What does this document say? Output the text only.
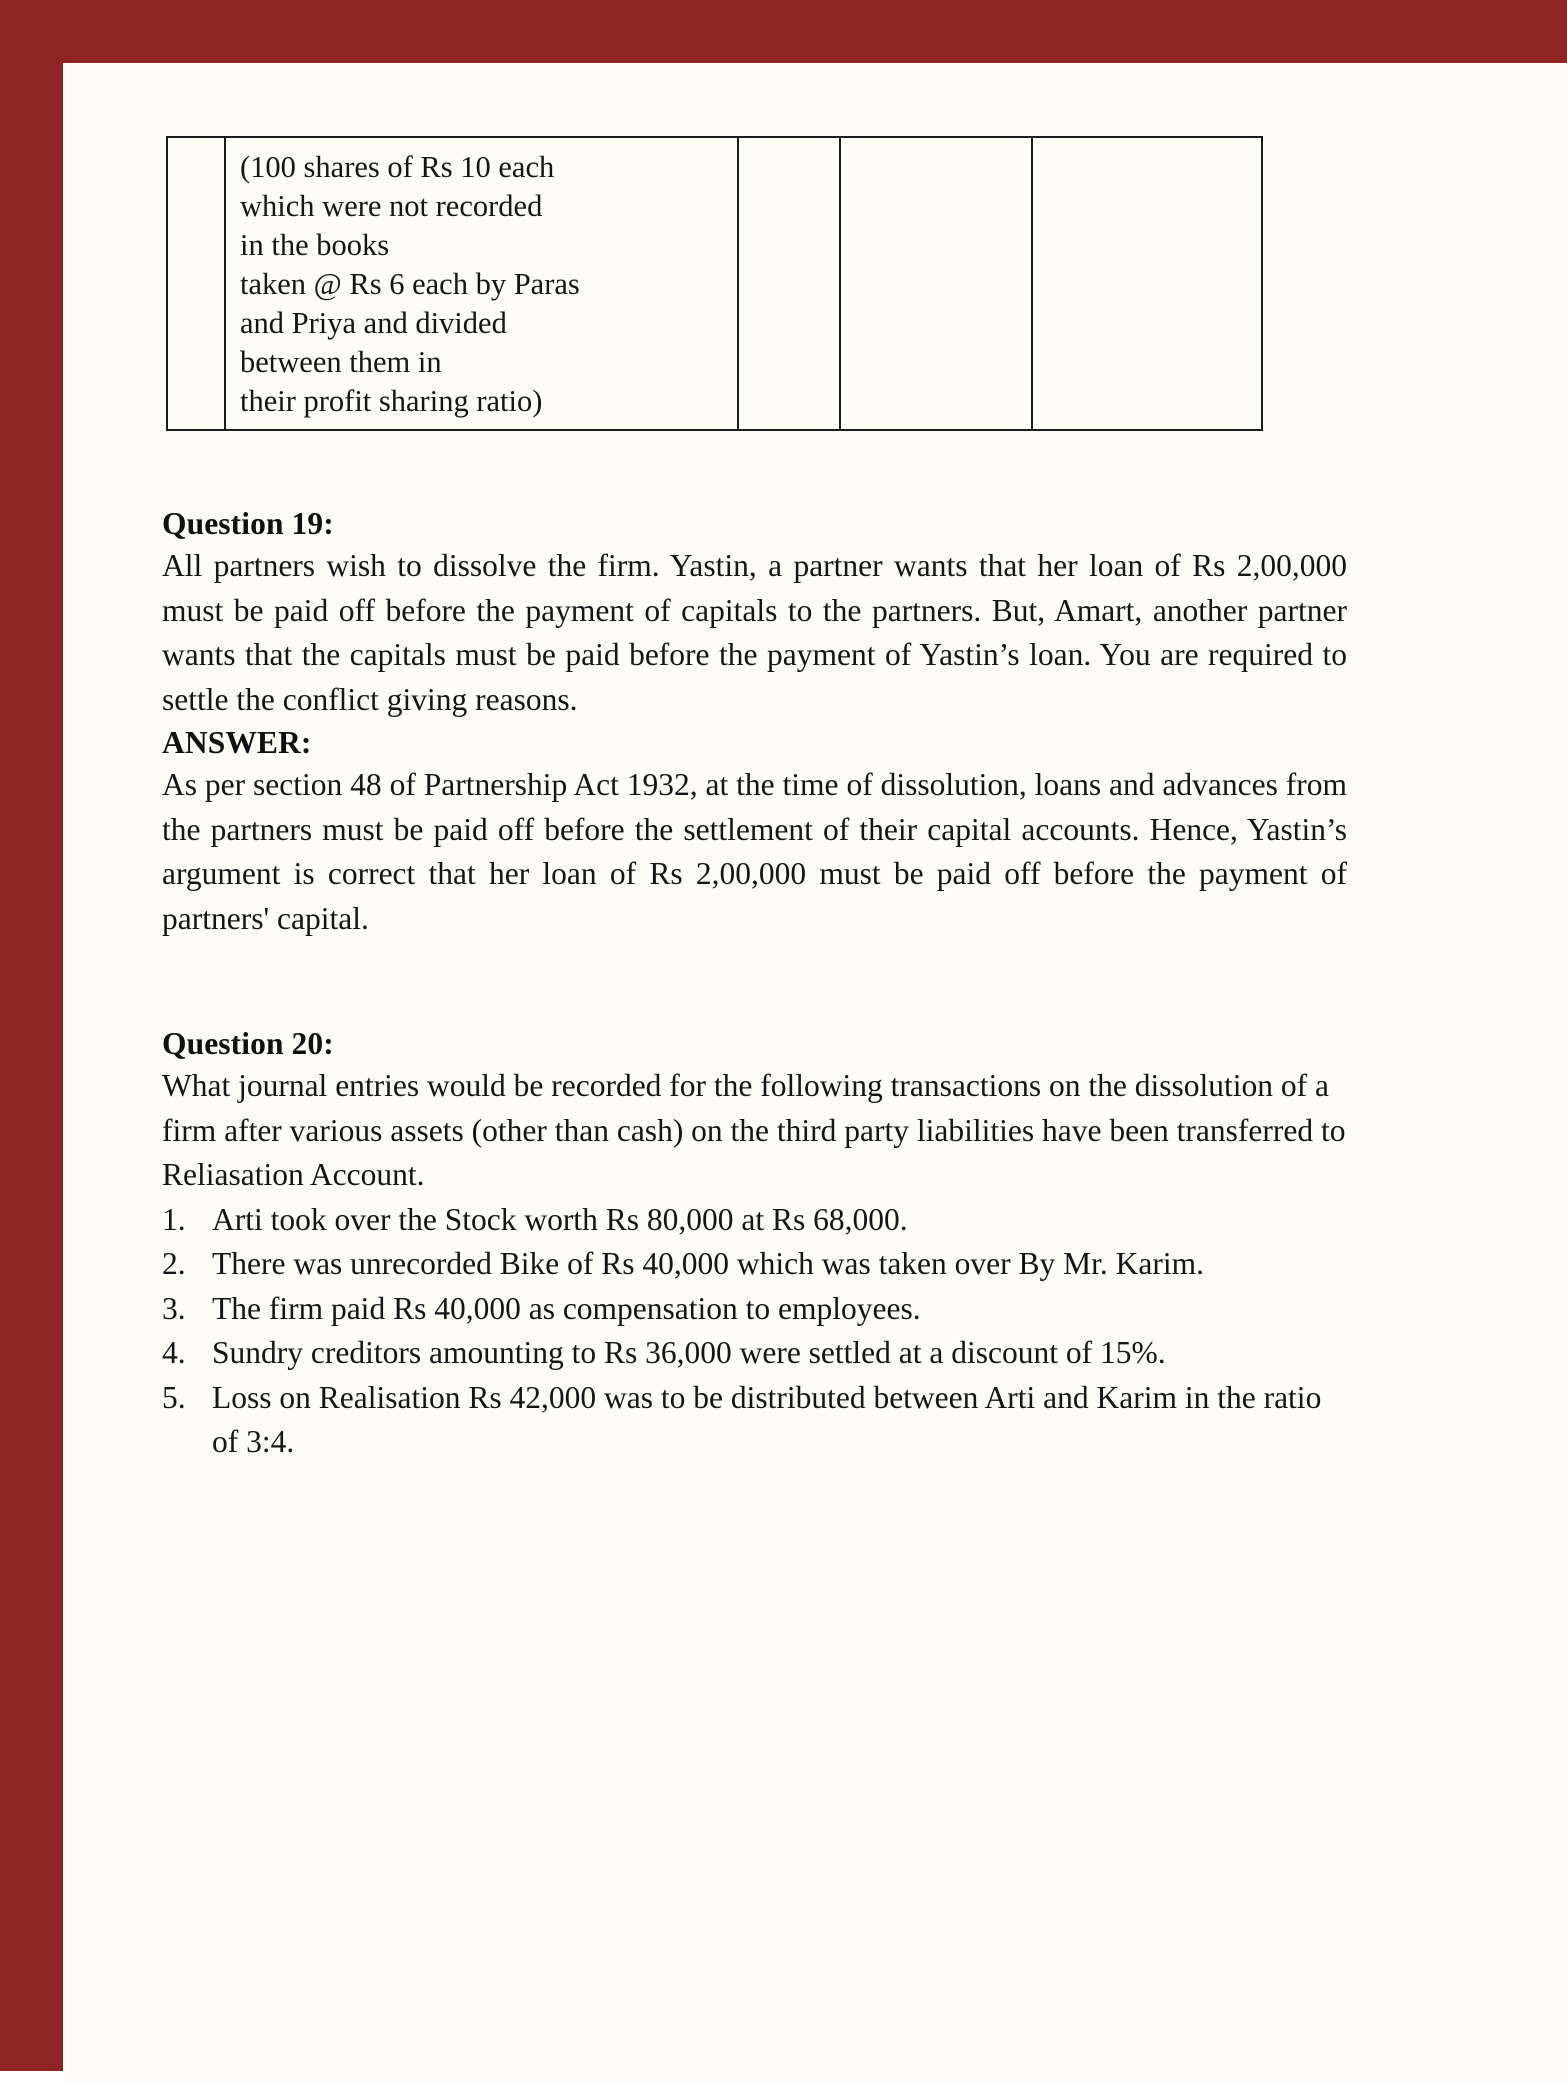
(100 shares of Rs 10 each
which were not recorded
in the books
taken @ Rs 6 each by Paras
and Priya and divided
between them in
their profit sharing ratio)

Question 19:

All partners wish to dissolve the firm. Yastin, a partner wants that her loan of Rs 2,00,000 must be paid off before the payment of capitals to the partners. But, Amart, another partner wants that the capitals must be paid before the payment of Yastin’s loan. You are required to settle the conflict giving reasons.

ANSWER:

As per section 48 of Partnership Act 1932, at the time of dissolution, loans and advances from the partners must be paid off before the settlement of their capital accounts. Hence, Yastin’s argument is correct that her loan of Rs 2,00,000 must be paid off before the payment of partners' capital.

Question 20:

What journal entries would be recorded for the following transactions on the dissolution of a firm after various assets (other than cash) on the third party liabilities have been transferred to Reliasation Account.

1. Arti took over the Stock worth Rs 80,000 at Rs 68,000.
2. There was unrecorded Bike of Rs 40,000 which was taken over By Mr. Karim.
3. The firm paid Rs 40,000 as compensation to employees.
4. Sundry creditors amounting to Rs 36,000 were settled at a discount of 15%.
5. Loss on Realisation Rs 42,000 was to be distributed between Arti and Karim in the ratio of 3:4.
